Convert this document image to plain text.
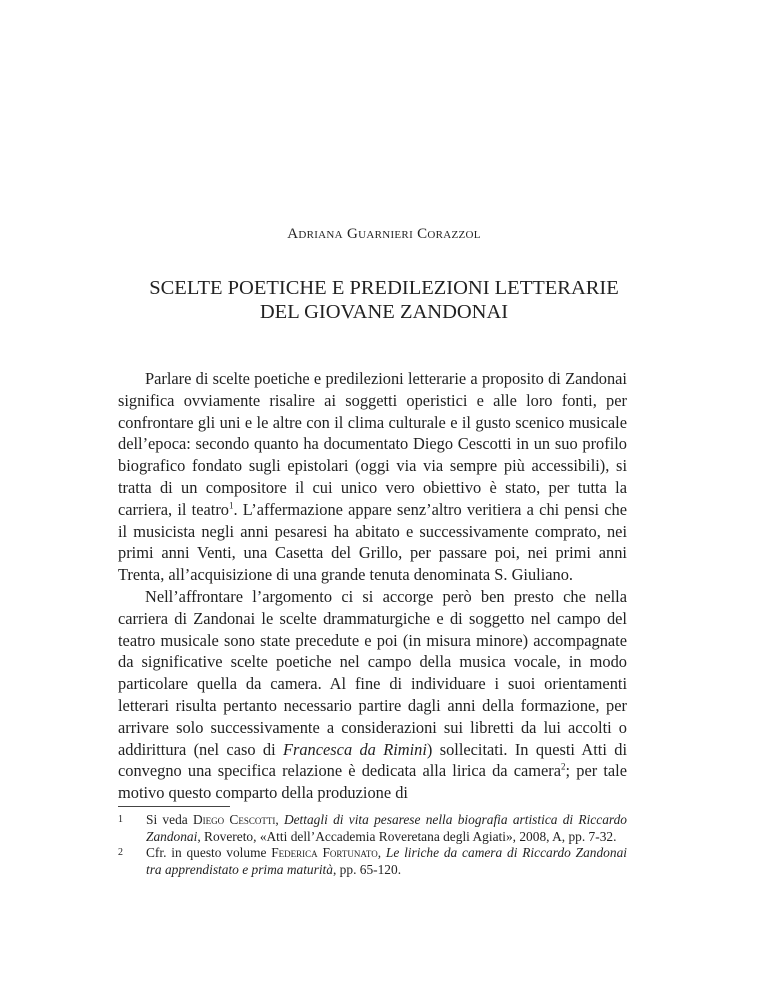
Adriana Guarnieri Corazzol
SCELTE POETICHE E PREDILEZIONI LETTERARIE
DEL GIOVANE ZANDONAI

Parlare di scelte poetiche e predilezioni letterarie a proposito di Zandonai significa ovviamente risalire ai soggetti operistici e alle loro fonti, per confrontare gli uni e le altre con il clima culturale e il gusto scenico musicale dell’epoca: secondo quanto ha documentato Diego Cescotti in un suo profilo biografico fondato sugli epistolari (oggi via via sempre più accessibili), si tratta di un compositore il cui unico vero obiettivo è stato, per tutta la carriera, il teatro$^1$. L’affermazione appare senz’altro veritiera a chi pensi che il musicista negli anni pesaresi ha abitato e successivamente comprato, nei primi anni Venti, una Casetta del Grillo, per passare poi, nei primi anni Trenta, all’acquisizione di una grande tenuta denominata S. Giuliano.

Nell’affrontare l’argomento ci si accorge però ben presto che nella carriera di Zandonai le scelte drammaturgiche e di soggetto nel campo del teatro musicale sono state precedute e poi (in misura minore) accompagnate da significative scelte poetiche nel campo della musica vocale, in modo particolare quella da camera. Al fine di individuare i suoi orientamenti letterari risulta pertanto necessario partire dagli anni della formazione, per arrivare solo successivamente a considerazioni sui libretti da lui accolti o addirittura (nel caso di Francesca da Rimini) sollecitati. In questi Atti di convegno una specifica relazione è dedicata alla lirica da camera$^2$; per tale motivo questo comparto della produzione di

1 Si veda Diego Cescotti, Dettagli di vita pesarese nella biografia artistica di Riccardo Zandonai, Rovereto, «Atti dell’Accademia Roveretana degli Agiati», 2008, A, pp. 7-32.
2 Cfr. in questo volume Federica Fortunato, Le liriche da camera di Riccardo Zandonai tra apprendistato e prima maturità, pp. 65-120.
